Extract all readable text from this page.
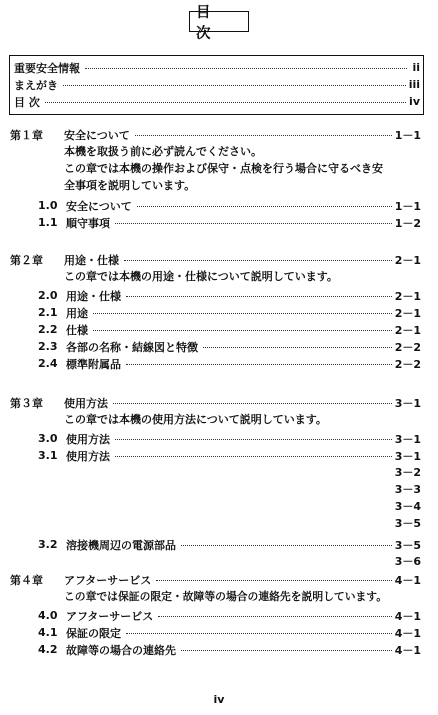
目 次
重要安全情報	ii
まえがき	iii
目 次	iv
第１章	安全について	1－1
本機を取扱う前に必ず読んでください。
この章では本機の操作および保守・点検を行う場合に守るべき安
全事項を説明しています。
1.0 安全について	1－1
1.1 順守事項	1－2
第２章	用途・仕様	2－1
この章では本機の用途・仕様について説明しています。
2.0 用途・仕様	2－1
2.1 用途	2－1
2.2 仕様	2－1
2.3 各部の名称・結線図と特徴	2－2
2.4 標準附属品	2－2
第３章	使用方法	3－1
この章では本機の使用方法について説明しています。
3.0 使用方法	3－1
3.1 使用方法	3－1
3－2
3－3
3－4
3－5
3.2 溶接機周辺の電源部品	3－5
3－6
第４章	アフターサービス	4－1
この章では保証の限定・故障等の場合の連絡先を説明しています。
4.0 アフターサービス	4－1
4.1 保証の限定	4－1
4.2 故障等の場合の連絡先	4－1
iv
